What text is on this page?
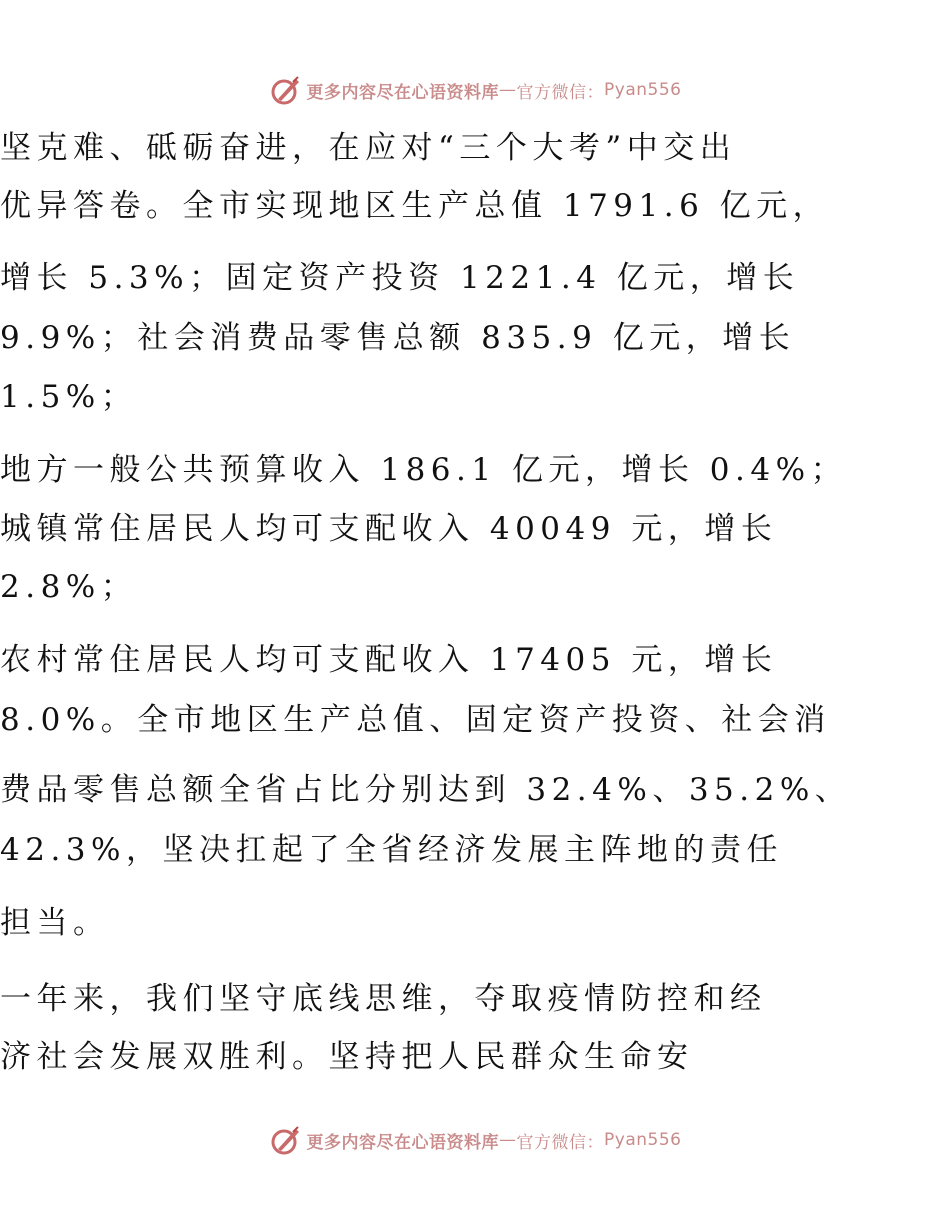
更多内容尽在心语资料库 — 官方微信： Pyan556
坚克难、砥砺奋进，在应对“三个大考”中交出
优异答卷。全市实现地区生产总值 1791.6 亿元，
增长 5.3%；固定资产投资 1221.4 亿元，增长
9.9%；社会消费品零售总额 835.9 亿元，增长
1.5%；
地方一般公共预算收入 186.1 亿元，增长 0.4%；
城镇常住居民人均可支配收入 40049 元，增长
2.8%；
农村常住居民人均可支配收入 17405 元，增长
8.0%。全市地区生产总值、固定资产投资、社会消
费品零售总额全省占比分别达到 32.4%、35.2%、
42.3%，坚决扛起了全省经济发展主阵地的责任
担当。
一年来，我们坚守底线思维，夺取疫情防控和经
济社会发展双胜利。坚持把人民群众生命安
更多内容尽在心语资料库 — 官方微信： Pyan556
